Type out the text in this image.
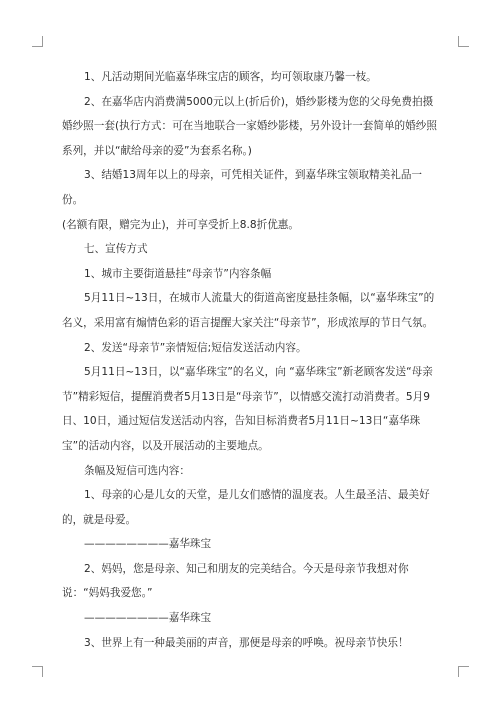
1、凡活动期间光临嘉华珠宝店的顾客，均可领取康乃馨一枝。

2、在嘉华店内消费满5000元以上(折后价)，婚纱影楼为您的父母免费拍摄婚纱照一套(执行方式：可在当地联合一家婚纱影楼，另外设计一套简单的婚纱照系列，并以“献给母亲的爱”为套系名称。)

3、结婚13周年以上的母亲，可凭相关证件，到嘉华珠宝领取精美礼品一份。

(名额有限，赠完为止)，并可享受折上8.8折优惠。

七、宣传方式

1、城市主要街道悬挂“母亲节”内容条幅

5月11日~13日，在城市人流量大的街道高密度悬挂条幅，以“嘉华珠宝”的名义，采用富有煽情色彩的语言提醒大家关注“母亲节”，形成浓厚的节日气氛。

2、发送“母亲节”亲情短信;短信发送活动内容。

5月11日~13日，以“嘉华珠宝”的名义，向 “嘉华珠宝”新老顾客发送“母亲节”精彩短信，提醒消费者5月13日是“母亲节”，以情感交流打动消费者。5月9日、10日，通过短信发送活动内容，告知目标消费者5月11日~13日“嘉华珠宝”的活动内容，以及开展活动的主要地点。

条幅及短信可选内容：

1、母亲的心是儿女的天堂，是儿女们感情的温度表。人生最圣洁、最美好的，就是母爱。

————————嘉华珠宝

2、妈妈，您是母亲、知己和朋友的完美结合。今天是母亲节我想对你说：“妈妈我爱您。”

————————嘉华珠宝

3、世界上有一种最美丽的声音，那便是母亲的呼唤。祝母亲节快乐！
